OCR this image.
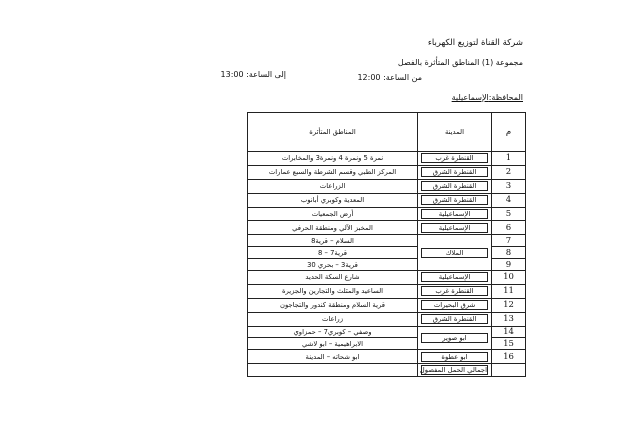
شركة القناة لتوزيع الكهرباء
مجموعة (1) المناطق المتأثرة بالفصل
من الساعة: 12:00
إلى الساعة: 13:00
المحافظة:الإسماعيلية
م	المدينة	المناطق المتأثرة
1	القنطرة غرب	نمرة 5 ونمرة 4 ونمرة3 والمخابرات
2	القنطرة الشرق	المركز الطبي وقسم الشرطة والسبع عمارات
3	القنطرة الشرق	الزراعات
4	القنطرة الشرق	المعدية وكوبري أبانوب
5	الإسماعيلية	أرض الجمعيات
6	الإسماعيلية	المخبز الآلي ومنطقة الحرفي
7	الملاك	السلام – قرية8
8		قرية7 – 8
9		قرية3 – بحري 30
10	الإسماعيلية	شارع السكة الحديد
11	القنطرة غرب	الساعيد والمثلث والتجارين والجزيرة
12	شرق البحيرات	قرية السلام ومنطقة كندور والتجاجون
13	القنطرة الشرق	زراعات
14	ابو صوير	وصفي – كوبري7 – حمزاوي
15		الابراهيمية – ابو لاشي
16	ابو عطوة	ابو شحاته – المدينة

	اجمالي الحمل المفصول	
